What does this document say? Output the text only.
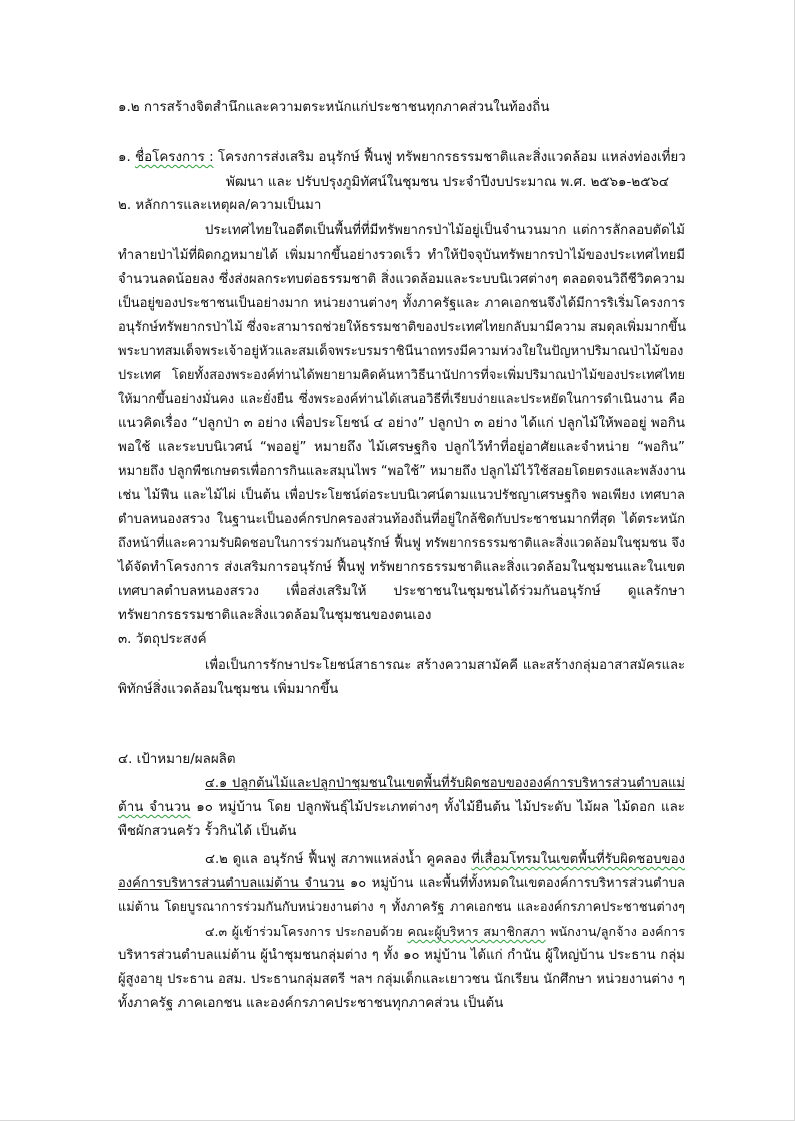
๑.๒ การสร้างจิตสำนึกและความตระหนักแก่ประชาชนทุกภาคส่วนในท้องถิ่น
๑. ชื่อโครงการ : โครงการส่งเสริม อนุรักษ์ ฟื้นฟู ทรัพยากรธรรมชาติและสิ่งแวดล้อม แหล่งท่องเที่ยว
พัฒนา และ ปรับปรุงภูมิทัศน์ในชุมชน ประจำปีงบประมาณ พ.ศ. ๒๕๖๑-๒๕๖๔
๒. หลักการและเหตุผล/ความเป็นมา
ประเทศไทยในอดีตเป็นพื้นที่ที่มีทรัพยากรป่าไม้อยู่เป็นจำนวนมาก แต่การลักลอบตัดไม้
ทำลายป่าไม้ที่ผิดกฎหมายได้ เพิ่มมากขึ้นอย่างรวดเร็ว ทำให้ปัจจุบันทรัพยากรป่าไม้ของประเทศไทยมี
จำนวนลดน้อยลง ซึ่งส่งผลกระทบต่อธรรมชาติ สิ่งแวดล้อมและระบบนิเวศต่างๆ ตลอดจนวิถีชีวิตความ
เป็นอยู่ของประชาชนเป็นอย่างมาก หน่วยงานต่างๆ ทั้งภาครัฐและ ภาคเอกชนจึงได้มีการริเริ่มโครงการ
อนุรักษ์ทรัพยากรป่าไม้ ซึ่งจะสามารถช่วยให้ธรรมชาติของประเทศไทยกลับมามีความ สมดุลเพิ่มมากขึ้น
พระบาทสมเด็จพระเจ้าอยู่หัวและสมเด็จพระบรมราชินีนาถทรงมีความห่วงใยในปัญหาปริมาณป่าไม้ของ
ประเทศ โดยทั้งสองพระองค์ท่านได้พยายามคิดค้นหาวิธีนานัปการที่จะเพิ่มปริมาณป่าไม้ของประเทศไทย
ให้มากขึ้นอย่างมั่นคง และยั่งยืน ซึ่งพระองค์ท่านได้เสนอวิธีที่เรียบง่ายและประหยัดในการดำเนินงาน คือ
แนวคิดเรื่อง “ปลูกป่า ๓ อย่าง เพื่อประโยชน์ ๔ อย่าง” ปลูกป่า ๓ อย่าง ได้แก่ ปลูกไม้ให้พออยู่ พอกิน
พอใช้ และระบบนิเวศน์ “พออยู่” หมายถึง ไม้เศรษฐกิจ ปลูกไว้ทำที่อยู่อาศัยและจำหน่าย “พอกิน”
หมายถึง ปลูกพืชเกษตรเพื่อการกินและสมุนไพร “พอใช้” หมายถึง ปลูกไม้ไว้ใช้สอยโดยตรงและพลังงาน
เช่น ไม้ฟืน และไม้ไผ่ เป็นต้น เพื่อประโยชน์ต่อระบบนิเวศน์ตามแนวปรัชญาเศรษฐกิจ พอเพียง เทศบาล
ตำบลหนองสรวง ในฐานะเป็นองค์กรปกครองส่วนท้องถิ่นที่อยู่ใกล้ชิดกับประชาชนมากที่สุด ได้ตระหนัก
ถึงหน้าที่และความรับผิดชอบในการร่วมกันอนุรักษ์ ฟื้นฟู ทรัพยากรธรรมชาติและสิ่งแวดล้อมในชุมชน จึง
ได้จัดทำโครงการ ส่งเสริมการอนุรักษ์ ฟื้นฟู ทรัพยากรธรรมชาติและสิ่งแวดล้อมในชุมชนและในเขต
เทศบาลตำบลหนองสรวง เพื่อส่งเสริมให้ ประชาชนในชุมชนได้ร่วมกันอนุรักษ์ ดูแลรักษา
ทรัพยากรธรรมชาติและสิ่งแวดล้อมในชุมชนของตนเอง
๓. วัตถุประสงค์
เพื่อเป็นการรักษาประโยชน์สาธารณะ สร้างความสามัคคี และสร้างกลุ่มอาสาสมัครและ
พิทักษ์สิ่งแวดล้อมในชุมชน เพิ่มมากขึ้น
๔. เป้าหมาย/ผลผลิต
๔.๑ ปลูกต้นไม้และปลูกป่าชุมชนในเขตพื้นที่รับผิดชอบขององค์การบริหารส่วนตำบลแม่
ต้าน จำนวน ๑๐ หมู่บ้าน โดย ปลูกพันธุ์ไม้ประเภทต่างๆ ทั้งไม้ยืนต้น ไม้ประดับ ไม้ผล ไม้ดอก และ
พืชผักสวนครัว รั้วกินได้ เป็นต้น
๔.๒ ดูแล อนุรักษ์ ฟื้นฟู สภาพแหล่งน้ำ คูคลอง ที่เสื่อมโทรมในเขตพื้นที่รับผิดชอบของ
องค์การบริหารส่วนตำบลแม่ต้าน จำนวน ๑๐ หมู่บ้าน และพื้นที่ทั้งหมดในเขตองค์การบริหารส่วนตำบล
แม่ต้าน โดยบูรณาการร่วมกันกับหน่วยงานต่าง ๆ ทั้งภาครัฐ ภาคเอกชน และองค์กรภาคประชาชนต่างๆ
๔.๓ ผู้เข้าร่วมโครงการ ประกอบด้วย คณะผู้บริหาร สมาชิกสภา พนักงาน/ลูกจ้าง องค์การ
บริหารส่วนตำบลแม่ต้าน ผู้นำชุมชนกลุ่มต่าง ๆ ทั้ง ๑๐ หมู่บ้าน ได้แก่ กำนัน ผู้ใหญ่บ้าน ประธาน กลุ่ม
ผู้สูงอายุ ประธาน อสม. ประธานกลุ่มสตรี ฯลฯ กลุ่มเด็กและเยาวชน นักเรียน นักศึกษา หน่วยงานต่าง ๆ
ทั้งภาครัฐ ภาคเอกชน และองค์กรภาคประชาชนทุกภาคส่วน เป็นต้น
